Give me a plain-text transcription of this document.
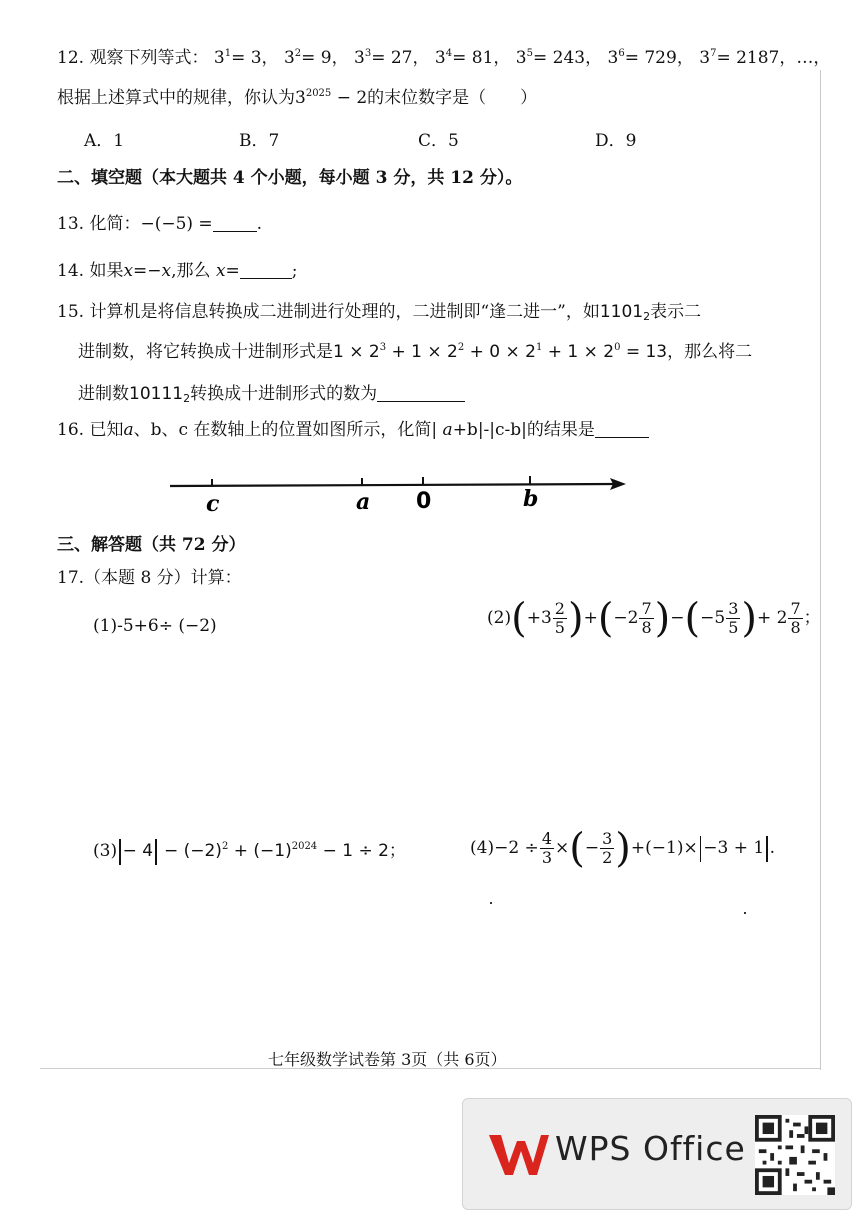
12. 观察下列等式： $3^1= 3$， $3^2= 9$， $3^3= 27$， $3^4= 81$， $3^5= 243$， $3^6= 729$， $3^7= 2187$，…，
根据上述算式中的规律，你认为$3^{2025} - 2$的末位数字是（　　）
A．1	B．7	C．5	D．9
二、填空题（本大题共 4 个小题，每小题 3 分，共 12 分）。
13. 化简：−(−5) =	.
14. 如果x=−x,那么 x=	;
15. 计算机是将信息转换成二进制进行处理的，二进制即“逢二进一”，如$1101_2$表示二
进制数，将它转换成十进制形式是$1 \times 2^3 + 1 \times 2^2 + 0 \times 2^1 + 1 \times 2^0 = 13$，那么将二
进制数$10111_2$转换成十进制形式的数为
16. 已知a、b、c 在数轴上的位置如图所示，化简| a+b|-|c-b|的结果是
c	a 0	b
三、解答题（共 72 分）
17.（本题 8 分）计算：
(1)-5+6÷ (−2)	$(2)(+3 \frac{2}{5} )+(-2 \frac{7}{8} )-(-5 \frac{3}{5}$ )+ $2 \frac{7}{8}$ ；
$(3) - 4 - (-2)^2 + (-1)^{2024} - 1 \div 2$；	$(4)-2 \div \frac{4}{3}$ ×(− $\frac{3}{2} )+(-1)\times -3 + 1$ .
七年级数学试卷第 3页（共 6页）
WPS Office
